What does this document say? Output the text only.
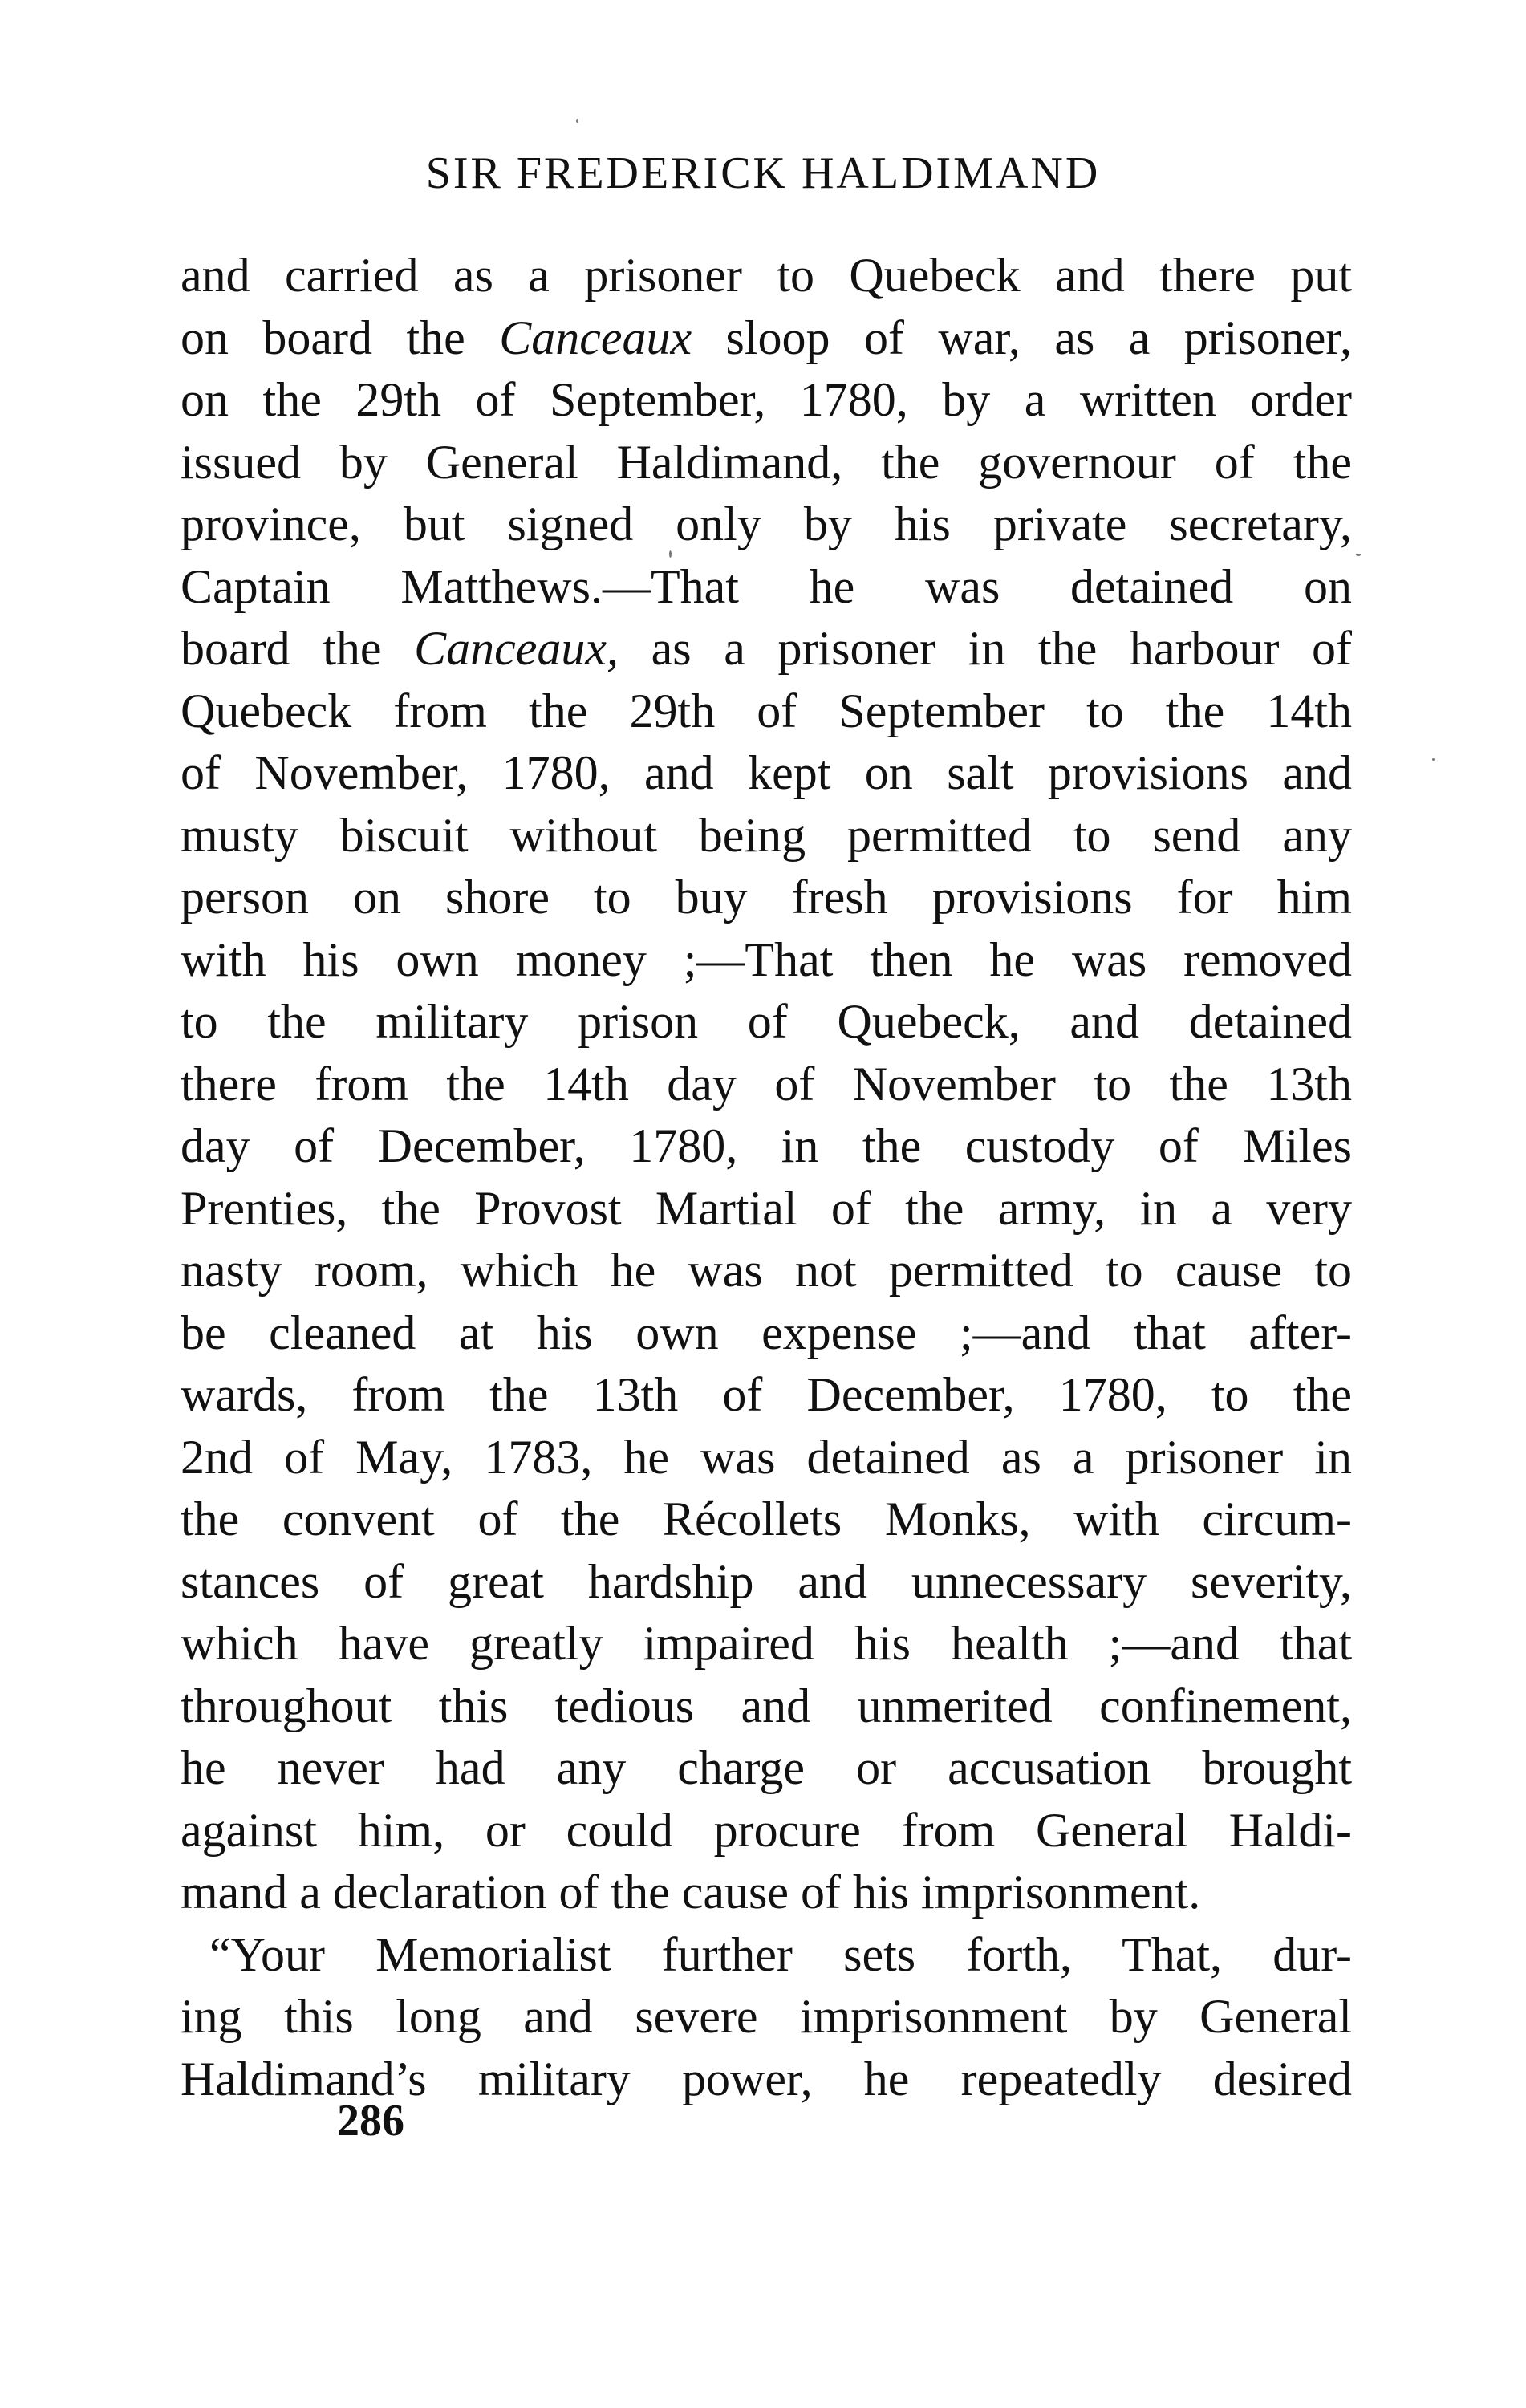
SIR FREDERICK HALDIMAND
and carried as a prisoner to Quebeck and there put
on board the Canceaux sloop of war, as a prisoner,
on the 29th of September, 1780, by a written order
issued by General Haldimand, the governour of the
province, but signed only by his private secretary,
Captain Matthews.—That he was detained on
board the Canceaux, as a prisoner in the harbour of
Quebeck from the 29th of September to the 14th
of November, 1780, and kept on salt provisions and
musty biscuit without being permitted to send any
person on shore to buy fresh provisions for him
with his own money ;—That then he was removed
to the military prison of Quebeck, and detained
there from the 14th day of November to the 13th
day of December, 1780, in the custody of Miles
Prenties, the Provost Martial of the army, in a very
nasty room, which he was not permitted to cause to
be cleaned at his own expense ;—and that after-
wards, from the 13th of December, 1780, to the
2nd of May, 1783, he was detained as a prisoner in
the convent of the Récollets Monks, with circum-
stances of great hardship and unnecessary severity,
which have greatly impaired his health ;—and that
throughout this tedious and unmerited confinement,
he never had any charge or accusation brought
against him, or could procure from General Haldi-
mand a declaration of the cause of his imprisonment.
“Your Memorialist further sets forth, That, dur-
ing this long and severe imprisonment by General
Haldimand’s military power, he repeatedly desired
286
